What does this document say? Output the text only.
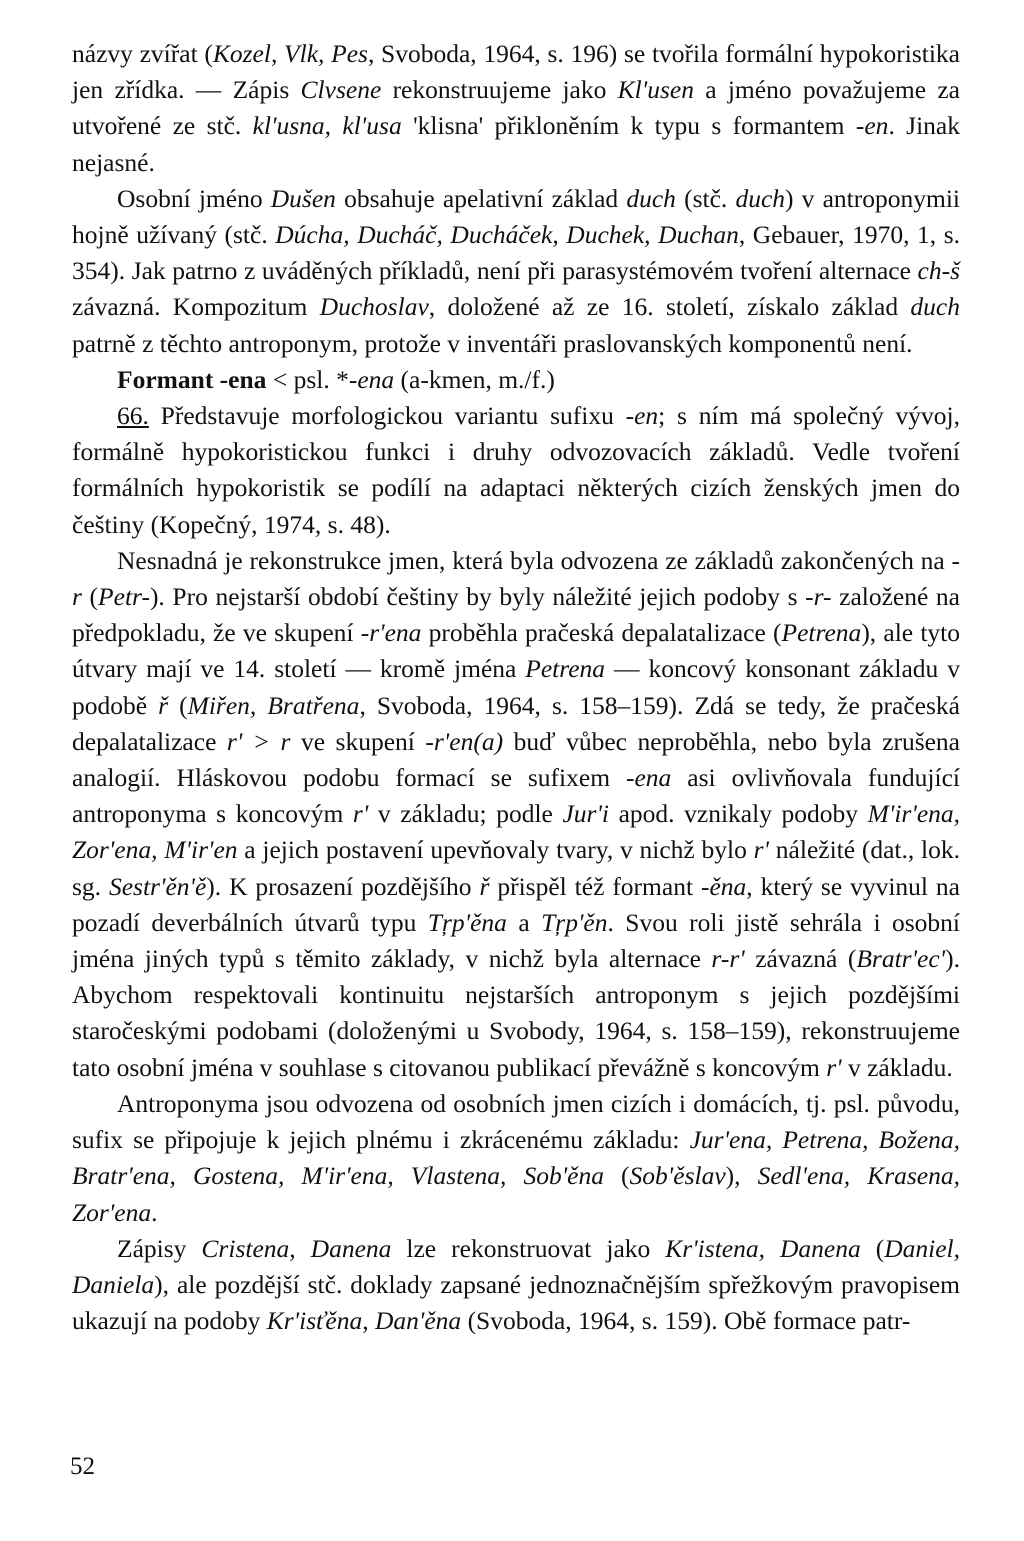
názvy zvířat (Kozel, Vlk, Pes, Svoboda, 1964, s. 196) se tvořila formální hypokoristika jen zřídka. — Zápis Clvsene rekonstruujeme jako Kl'usen a jméno považujeme za utvořené ze stč. kl'usna, kl'usa 'klisna' přikloněním k typu s formantem -en. Jinak nejasné.

Osobní jméno Dušen obsahuje apelativní základ duch (stč. duch) v antroponymii hojně užívaný (stč. Dúcha, Ducháč, Ducháček, Duchek, Duchan, Gebauer, 1970, 1, s. 354). Jak patrno z uváděných příkladů, není při parasystémovém tvoření alternace ch-š závazná. Kompozitum Duchoslav, doložené až ze 16. století, získalo základ duch patrně z těchto antroponym, protože v inventáři praslovanských komponentů není.

Formant -ena < psl. *-ena (a-kmen, m./f.)

66. Představuje morfologickou variantu sufixu -en; s ním má společný vývoj, formálně hypokoristickou funkci i druhy odvozovacích základů. Vedle tvoření formálních hypokoristik se podílí na adaptaci některých cizích ženských jmen do češtiny (Kopečný, 1974, s. 48).

Nesnadná je rekonstrukce jmen, která byla odvozena ze základů zakončených na -r (Petr-). Pro nejstarší období češtiny by byly náležité jejich podoby s -r- založené na předpokladu, že ve skupení -r'ena proběhla pračeská depalatalizace (Petrena), ale tyto útvary mají ve 14. století — kromě jména Petrena — koncový konsonant základu v podobě ř (Miřen, Bratřena, Svoboda, 1964, s. 158–159). Zdá se tedy, že pračeská depalatalizace r' > r ve skupení -r'en(a) buď vůbec neproběhla, nebo byla zrušena analogií. Hláskovou podobu formací se sufixem -ena asi ovlivňovala fundující antroponyma s koncovým r' v základu; podle Jur'i apod. vznikaly podoby M'ir'ena, Zor'ena, M'ir'en a jejich postavení upevňovaly tvary, v nichž bylo r' náležité (dat., lok. sg. Sestr'ěn'ě). K prosazení pozdějšího ř přispěl též formant -ěna, který se vyvinul na pozadí deverbálních útvarů typu Tŗp'ěna a Tŗp'ěn. Svou roli jistě sehrála i osobní jména jiných typů s těmito základy, v nichž byla alternace r-r' závazná (Bratr'ec'). Abychom respektovali kontinuitu nejstarších antroponym s jejich pozdějšími staročeskými podobami (doloženými u Svobody, 1964, s. 158–159), rekonstruujeme tato osobní jména v souhlase s citovanou publikací převážně s koncovým r' v základu.

Antroponyma jsou odvozena od osobních jmen cizích i domácích, tj. psl. původu, sufix se připojuje k jejich plnému i zkrácenému základu: Jur'ena, Petrena, Božena, Bratr'ena, Gostena, M'ir'ena, Vlastena, Sob'ěna (Sob'ěslav), Sedl'ena, Krasena, Zor'ena.

Zápisy Cristena, Danena lze rekonstruovat jako Kr'istena, Danena (Daniel, Daniela), ale pozdější stč. doklady zapsané jednoznačnějším spřežkovým pravopisem ukazují na podoby Kr'isťěna, Dan'ěna (Svoboda, 1964, s. 159). Obě formace patr-

52
